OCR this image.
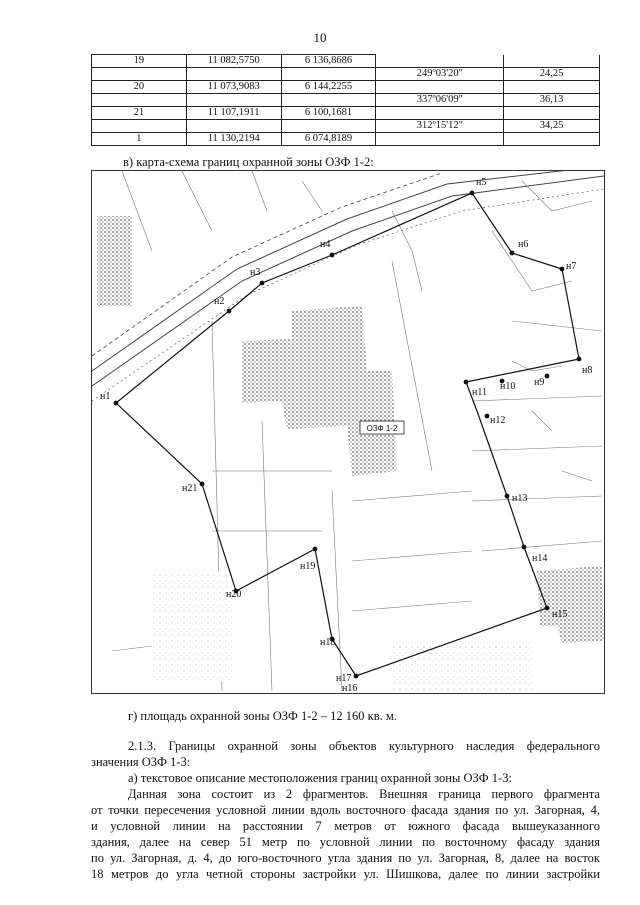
10
19	11 082,5750	6 136,8686		
			249º03'20"	24,25
20	11 073,9083	6 144,2255		
			337º06'09"	36,13
21	11 107,1911	6 100,1681		
			312º15'12"	34,25
1	11 130,2194	6 074,8189		
в) карта-схема границ охранной зоны ОЗФ 1-2:
ОЗФ 1-2
н1
н2
н3
н4
н5
н6
н7
н8
н9
н10
н11
н12
н13
н14
н15
н16
н17
н18
н19
н20
н21
г) площадь охранной зоны ОЗФ 1-2 – 12 160 кв. м.
2.1.3. Границы охранной зоны объектов культурного наследия федерального
значения ОЗФ 1-3:
а) текстовое описание местоположения границ охранной зоны ОЗФ 1-3:
Данная зона состоит из 2 фрагментов. Внешняя граница первого фрагмента
от точки пересечения условной линии вдоль восточного фасада здания по ул. Загорная, 4,
и условной линии на расстоянии 7 метров от южного фасада вышеуказанного
здания, далее на север 51 метр по условной линии по восточному фасаду здания
по ул. Загорная, д. 4, до юго-восточного угла здания по ул. Загорная, 8, далее на восток
18 метров до угла четной стороны застройки ул. Шишкова, далее по линии застройки
